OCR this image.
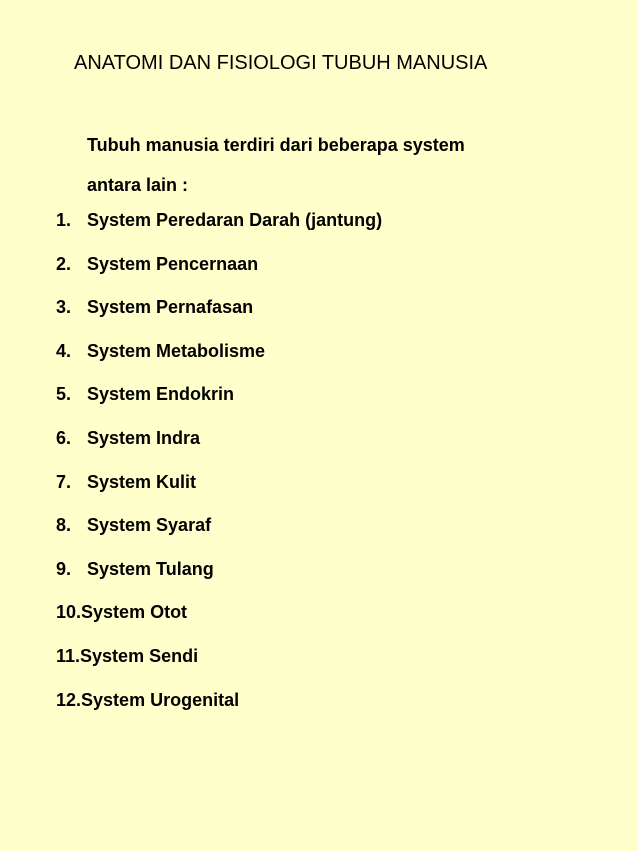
ANATOMI DAN FISIOLOGI TUBUH MANUSIA
Tubuh manusia terdiri dari beberapa system
antara lain :
1. System Peredaran Darah (jantung)
2. System Pencernaan
3. System Pernafasan
4. System Metabolisme
5. System Endokrin
6. System Indra
7. System Kulit
8. System Syaraf
9. System Tulang
10.System Otot
11.System Sendi
12.System Urogenital
